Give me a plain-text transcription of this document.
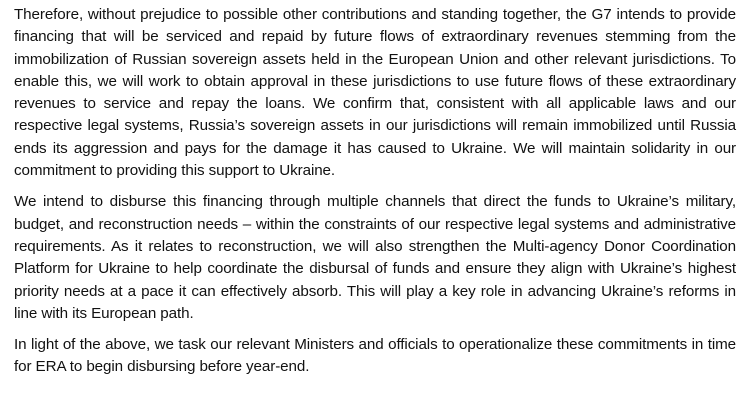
Therefore, without prejudice to possible other contributions and standing together, the G7 intends to provide financing that will be serviced and repaid by future flows of extraordinary revenues stemming from the immobilization of Russian sovereign assets held in the European Union and other relevant jurisdictions. To enable this, we will work to obtain approval in these jurisdictions to use future flows of these extraordinary revenues to service and repay the loans. We confirm that, consistent with all applicable laws and our respective legal systems, Russia’s sovereign assets in our jurisdictions will remain immobilized until Russia ends its aggression and pays for the damage it has caused to Ukraine. We will maintain solidarity in our commitment to providing this support to Ukraine.

We intend to disburse this financing through multiple channels that direct the funds to Ukraine’s military, budget, and reconstruction needs – within the constraints of our respective legal systems and administrative requirements. As it relates to reconstruction, we will also strengthen the Multi-agency Donor Coordination Platform for Ukraine to help coordinate the disbursal of funds and ensure they align with Ukraine’s highest priority needs at a pace it can effectively absorb. This will play a key role in advancing Ukraine’s reforms in line with its European path.

In light of the above, we task our relevant Ministers and officials to operationalize these commitments in time for ERA to begin disbursing before year-end.
